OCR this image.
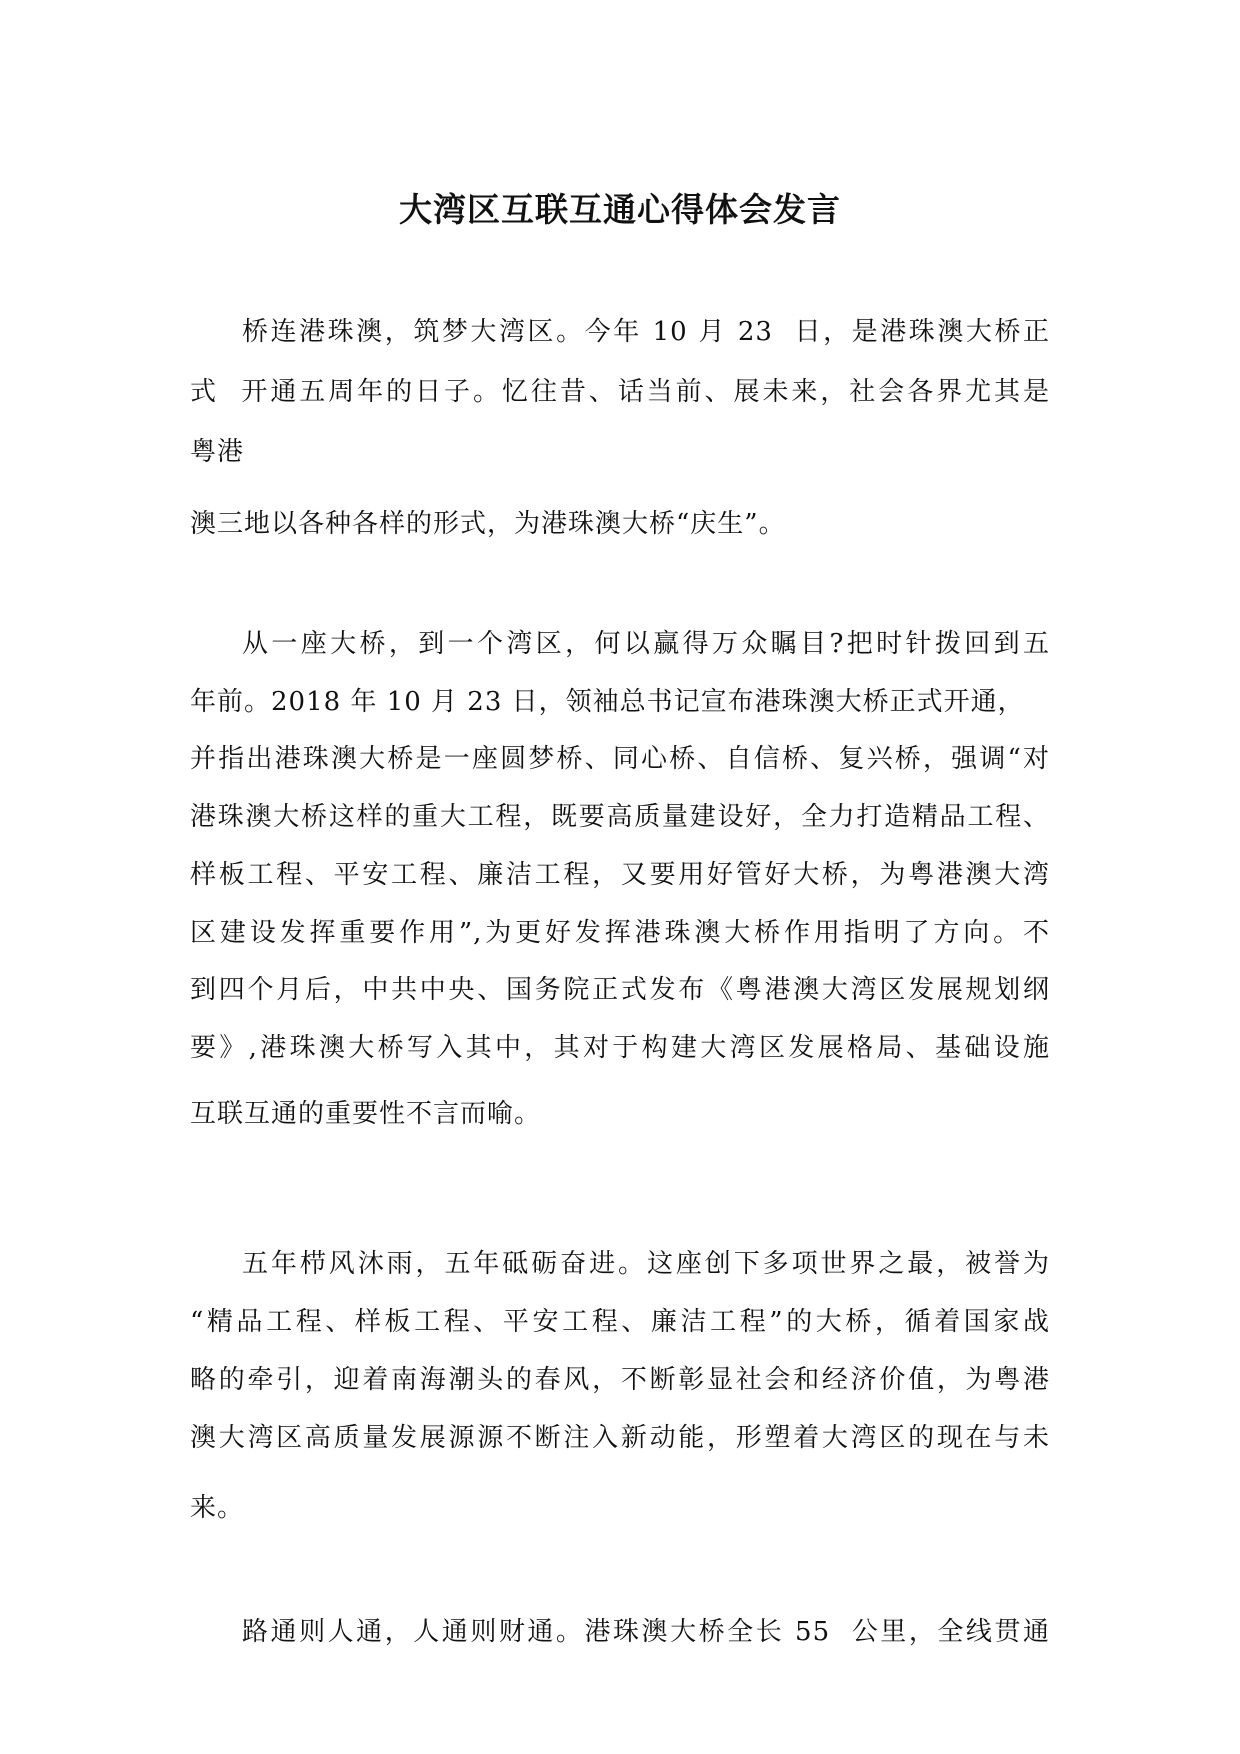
大湾区互联互通心得体会发言
桥连港珠澳，筑梦大湾区。今年 10 月 23  日，是港珠澳大桥正
式  开通五周年的日子。忆往昔、话当前、展未来，社会各界尤其是
粤港
澳三地以各种各样的形式，为港珠澳大桥“庆生”。
从一座大桥，到一个湾区，何以赢得万众瞩目?把时针拨回到五
年前。2018 年 10 月 23 日，领袖总书记宣布港珠澳大桥正式开通，
并指出港珠澳大桥是一座圆梦桥、同心桥、自信桥、复兴桥，强调“对
港珠澳大桥这样的重大工程，既要高质量建设好，全力打造精品工程、
样板工程、平安工程、廉洁工程，又要用好管好大桥，为粤港澳大湾
区建设发挥重要作用”,为更好发挥港珠澳大桥作用指明了方向。不
到四个月后，中共中央、国务院正式发布《粤港澳大湾区发展规划纲
要》,港珠澳大桥写入其中，其对于构建大湾区发展格局、基础设施
互联互通的重要性不言而喻。
五年栉风沐雨，五年砥砺奋进。这座创下多项世界之最，被誉为
“精品工程、样板工程、平安工程、廉洁工程”的大桥，循着国家战
略的牵引，迎着南海潮头的春风，不断彰显社会和经济价值，为粤港
澳大湾区高质量发展源源不断注入新动能，形塑着大湾区的现在与未
来。
路通则人通，人通则财通。港珠澳大桥全长 55  公里，全线贯通
